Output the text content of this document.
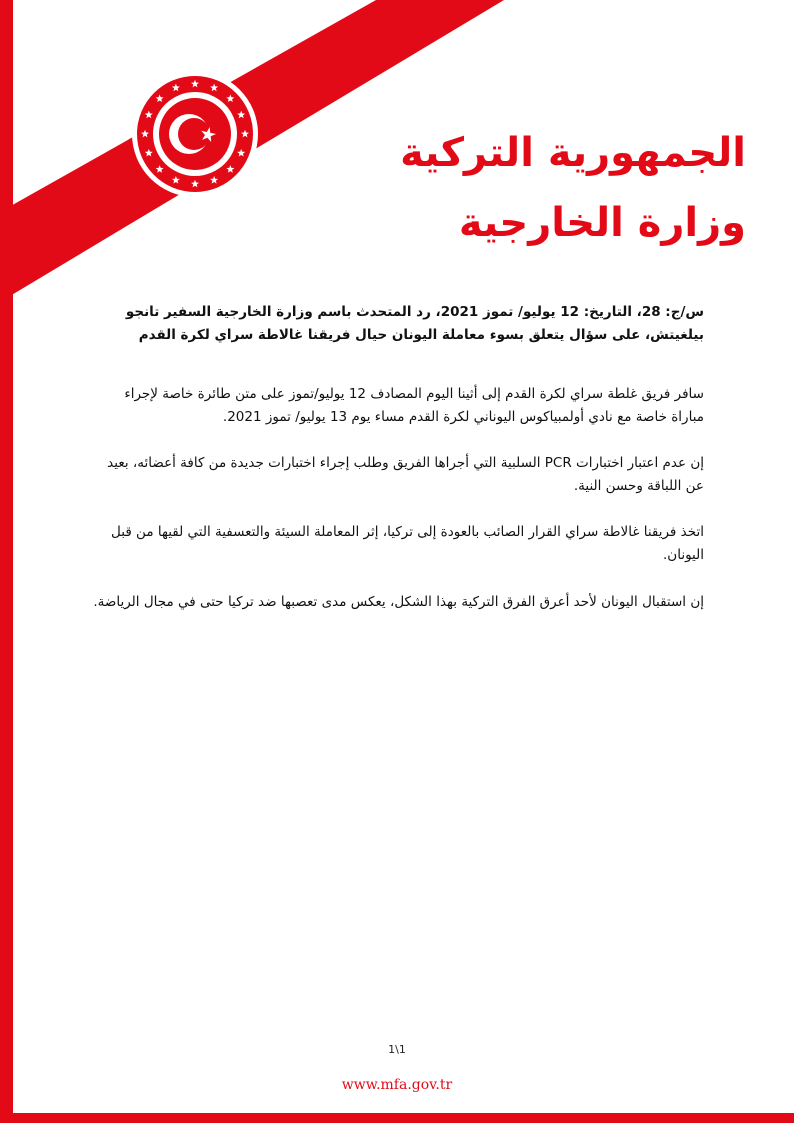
الجمهورية التركية
وزارة الخارجية
س/ج: 28، التاريخ: 12 يوليو/ تموز 2021، رد المتحدث باسم وزارة الخارجية السفير تانجو بيلغيتش، على سؤال يتعلق بسوء معاملة اليونان حيال فريقنا غالاطة سراي لكرة القدم
سافر فريق غلطة سراي لكرة القدم إلى أثينا اليوم المصادف 12 يوليو/تموز على متن طائرة خاصة لإجراء مباراة خاصة مع نادي أولمبياكوس اليوناني لكرة القدم مساء يوم 13 يوليو/ تموز 2021.
إن عدم اعتبار اختبارات PCR السلبية التي أجراها الفريق وطلب إجراء اختبارات جديدة من كافة أعضائه، بعيد عن اللباقة وحسن النية.
اتخذ فريقنا غالاطة سراي القرار الصائب بالعودة إلى تركيا، إثر المعاملة السيئة والتعسفية التي لقيها من قبل اليونان.
إن استقبال اليونان لأحد أعرق الفرق التركية بهذا الشكل، يعكس مدى تعصبها ضد تركيا حتى في مجال الرياضة.
1\1
www.mfa.gov.tr
